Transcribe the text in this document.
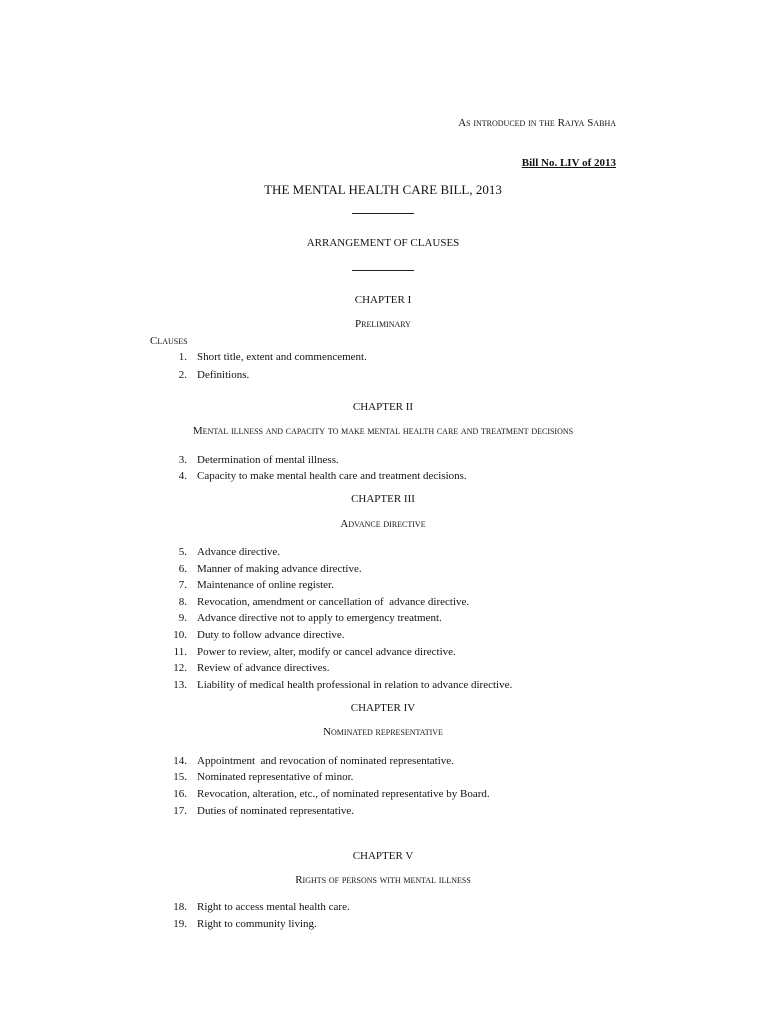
As introduced in the Rajya Sabha
Bill No. LIV of 2013
THE MENTAL HEALTH CARE BILL, 2013
ARRANGEMENT OF CLAUSES
CHAPTER I
Preliminary
Clauses
1. Short title, extent and commencement.
2. Definitions.
CHAPTER II
Mental illness and capacity to make mental health care and treatment decisions
3. Determination of mental illness.
4. Capacity to make mental health care and treatment decisions.
CHAPTER III
Advance directive
5. Advance directive.
6. Manner of making advance directive.
7. Maintenance of online register.
8. Revocation, amendment or cancellation of  advance directive.
9. Advance directive not to apply to emergency treatment.
10. Duty to follow advance directive.
11. Power to review, alter, modify or cancel advance directive.
12. Review of advance directives.
13. Liability of medical health professional in relation to advance directive.
CHAPTER IV
Nominated representative
14. Appointment  and revocation of nominated representative.
15. Nominated representative of minor.
16. Revocation, alteration, etc., of nominated representative by Board.
17. Duties of nominated representative.
CHAPTER V
Rights of persons with mental illness
18. Right to access mental health care.
19. Right to community living.
